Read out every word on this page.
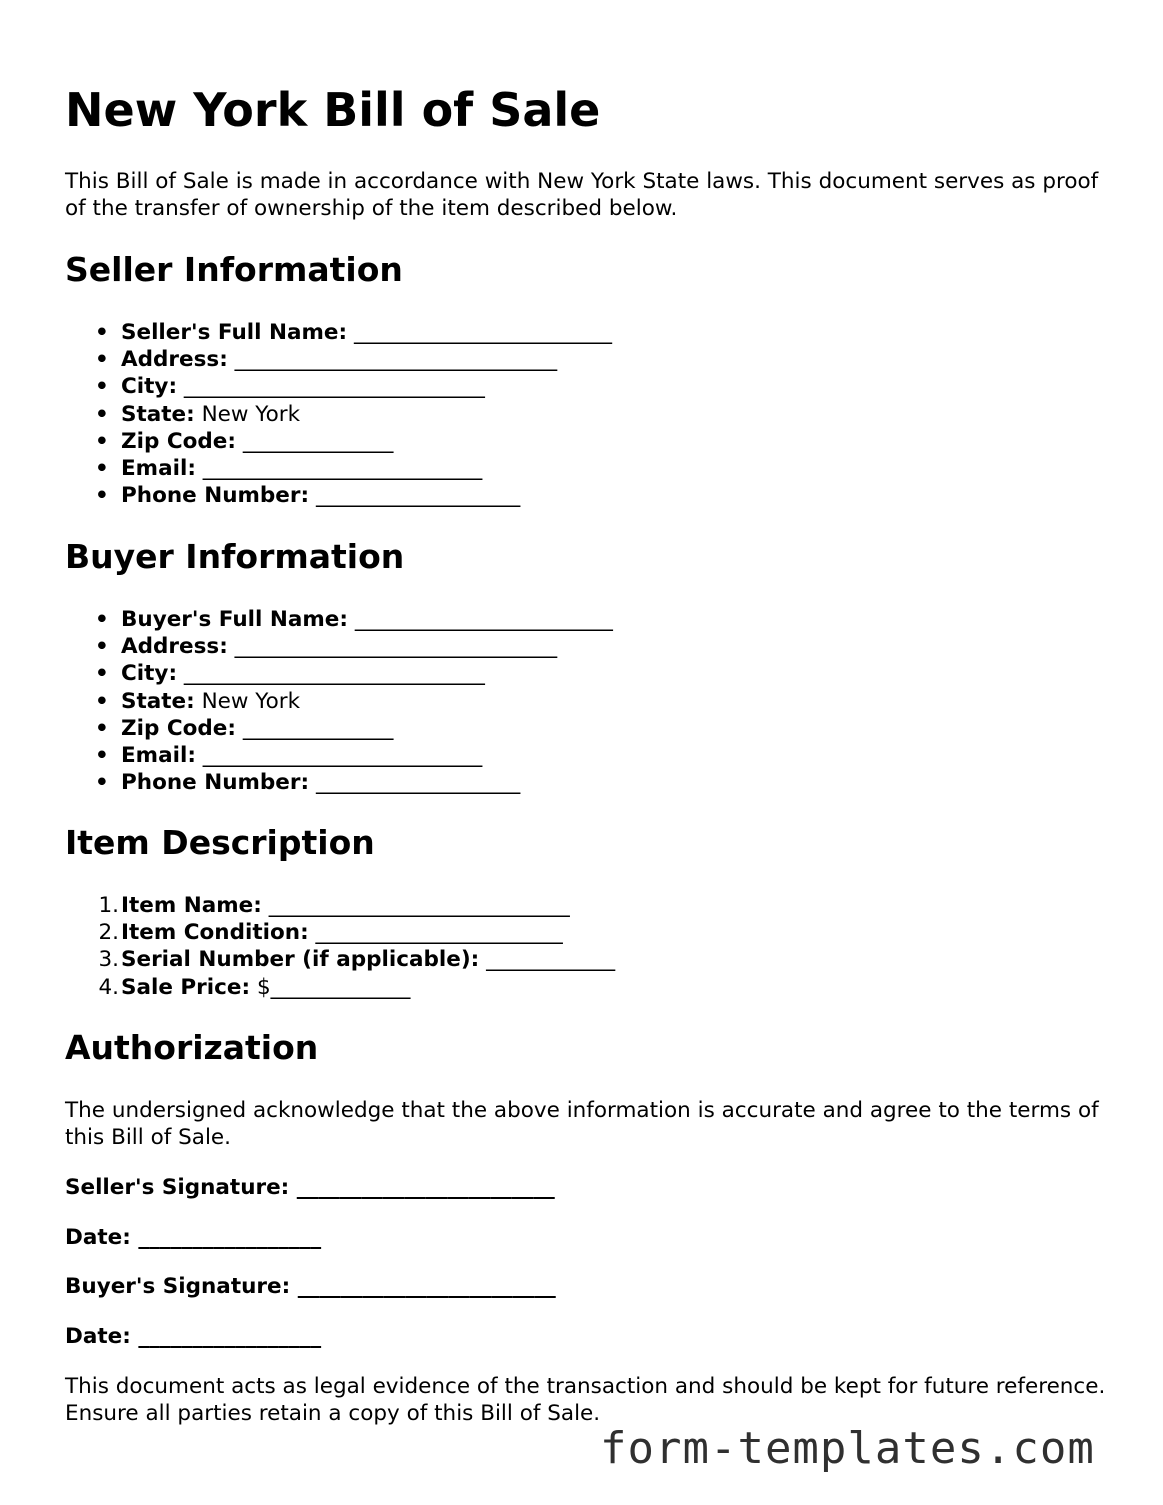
New York Bill of Sale

This Bill of Sale is made in accordance with New York State laws. This document serves as proof of the transfer of ownership of the item described below.

Seller Information
• Seller's Full Name: ________________________
• Address: ______________________________
• City: ____________________________
• State: New York
• Zip Code: ______________
• Email: __________________________
• Phone Number: ___________________
Buyer Information
• Buyer's Full Name: ________________________
• Address: ______________________________
• City: ____________________________
• State: New York
• Zip Code: ______________
• Email: __________________________
• Phone Number: ___________________
Item Description
1. Item Name: ____________________________
2. Item Condition: _______________________
3. Serial Number (if applicable): ____________
4. Sale Price: $_____________
Authorization

The undersigned acknowledge that the above information is accurate and agree to the terms of this Bill of Sale.

Seller's Signature: ________________________

Date: _________________

Buyer's Signature: ________________________

Date: _________________

This document acts as legal evidence of the transaction and should be kept for future reference. Ensure all parties retain a copy of this Bill of Sale.

form-templates.com
